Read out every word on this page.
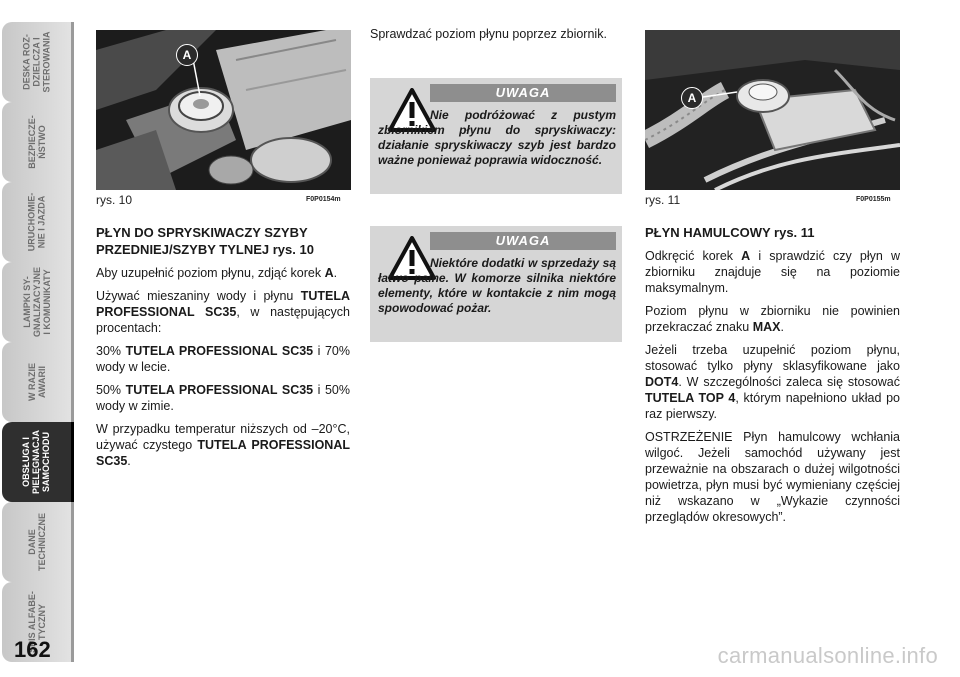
DESKA ROZ-
DZIELCZA I
STEROWANIA
BEZPIECZE-
ŃSTWO
URUCHOMIE-
NIE I JAZDA
LAMPKI SY-
GNALIZACYJNE
I KOMUNIKATY
W RAZIE
AWARII
OBSŁUGA I
PIELĘGNACJA
SAMOCHODU
DANE
TECHNICZNE
SPIS ALFABE-
TYCZNY
162
A
rys. 10	F0P0154m
A
rys. 11	F0P0155m
PŁYN DO SPRYSKIWACZY SZYBY PRZEDNIEJ/SZYBY TYLNEJ rys. 10

Aby uzupełnić poziom płynu, zdjąć korek A.

Używać mieszaniny wody i płynu TUTELA PROFESSIONAL SC35, w następujących procentach:

30% TUTELA PROFESSIONAL SC35 i 70% wody w lecie.

50% TUTELA PROFESSIONAL SC35 i 50% wody w zimie.

W przypadku temperatur niższych od –20°C, używać czystego TUTELA PROFESSIONAL SC35.

Sprawdzać poziom płynu poprzez zbiornik.

UWAGA
Nie podróżować z pustym zbiornikiem płynu do spryskiwaczy: działanie spryskiwaczy szyb jest bardzo ważne ponieważ poprawia widoczność.
UWAGA
Niektóre dodatki w sprzedaży są łatwo palne. W komorze silnika niektóre elementy, które w kontakcie z nim mogą spowodować pożar.
PŁYN HAMULCOWY rys. 11

Odkręcić korek A i sprawdzić czy płyn w zbiorniku znajduje się na poziomie maksymalnym.

Poziom płynu w zbiorniku nie powinien przekraczać znaku MAX.

Jeżeli trzeba uzupełnić poziom płynu, stosować tylko płyny sklasyfikowane jako DOT4. W szczególności zaleca się stosować TUTELA TOP 4, którym napełniono układ po raz pierwszy.

OSTRZEŻENIE Płyn hamulcowy wchłania wilgoć. Jeżeli samochód używany jest przeważnie na obszarach o dużej wilgotności powietrza, płyn musi być wymieniany częściej niż wskazano w „Wykazie czynności przeglądów okresowych”.

carmanualsonline.info
